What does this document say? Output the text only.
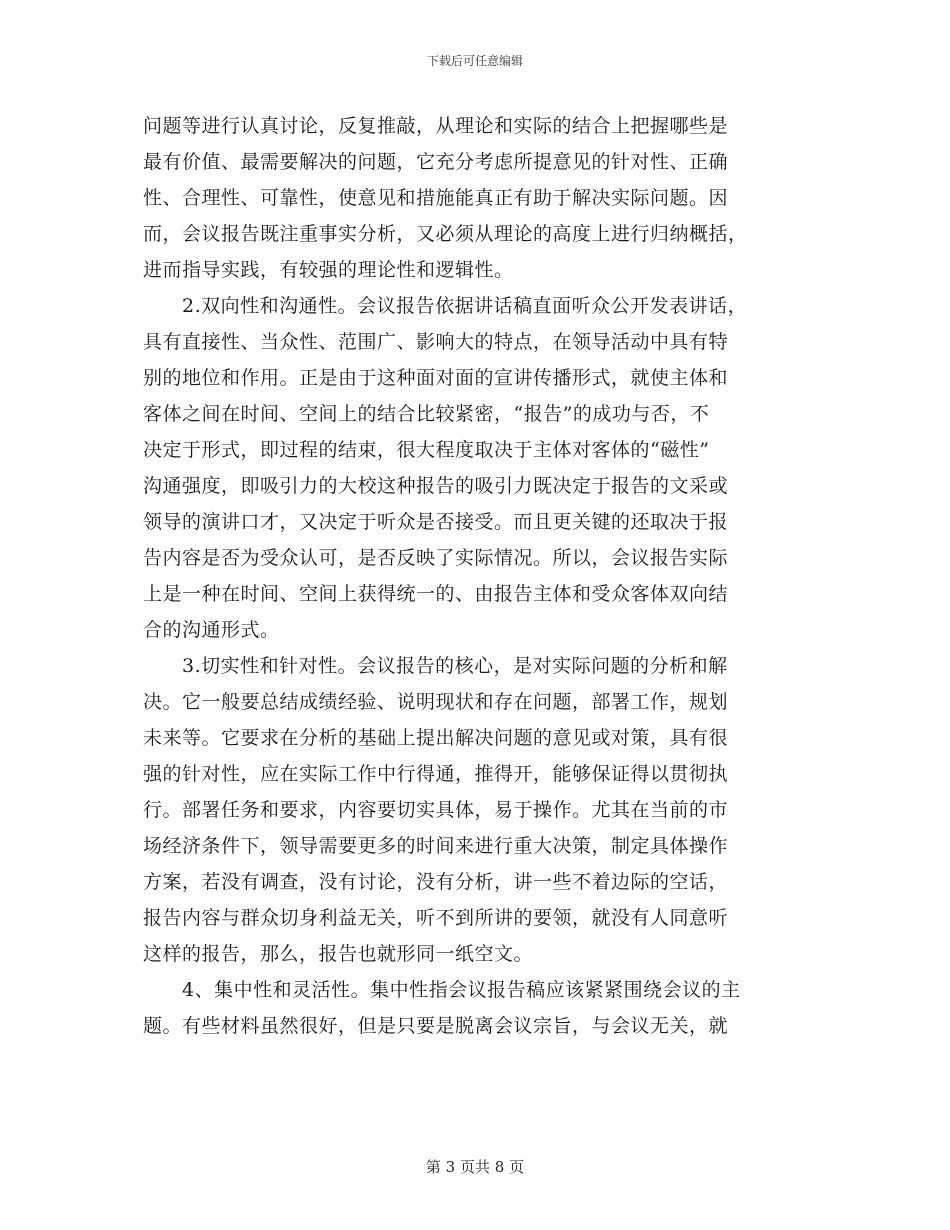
下载后可任意编辑
问题等进行认真讨论，反复推敲，从理论和实际的结合上把握哪些是
最有价值、最需要解决的问题，它充分考虑所提意见的针对性、正确
性、合理性、可靠性，使意见和措施能真正有助于解决实际问题。因
而，会议报告既注重事实分析，又必须从理论的高度上进行归纳概括，
进而指导实践，有较强的理论性和逻辑性。
　　2.双向性和沟通性。会议报告依据讲话稿直面听众公开发表讲话，
具有直接性、当众性、范围广、影响大的特点，在领导活动中具有特
别的地位和作用。正是由于这种面对面的宣讲传播形式，就使主体和
客体之间在时间、空间上的结合比较紧密，“报告”的成功与否，不
决定于形式，即过程的结束，很大程度取决于主体对客体的“磁性”
沟通强度，即吸引力的大校这种报告的吸引力既决定于报告的文采或
领导的演讲口才，又决定于听众是否接受。而且更关键的还取决于报
告内容是否为受众认可，是否反映了实际情况。所以，会议报告实际
上是一种在时间、空间上获得统一的、由报告主体和受众客体双向结
合的沟通形式。
　　3.切实性和针对性。会议报告的核心，是对实际问题的分析和解
决。它一般要总结成绩经验、说明现状和存在问题，部署工作，规划
未来等。它要求在分析的基础上提出解决问题的意见或对策，具有很
强的针对性，应在实际工作中行得通，推得开，能够保证得以贯彻执
行。部署任务和要求，内容要切实具体，易于操作。尤其在当前的市
场经济条件下，领导需要更多的时间来进行重大决策，制定具体操作
方案，若没有调查，没有讨论，没有分析，讲一些不着边际的空话，
报告内容与群众切身利益无关，听不到所讲的要领，就没有人同意听
这样的报告，那么，报告也就形同一纸空文。
　　4、集中性和灵活性。集中性指会议报告稿应该紧紧围绕会议的主
题。有些材料虽然很好，但是只要是脱离会议宗旨，与会议无关，就
第 3 页共 8 页
